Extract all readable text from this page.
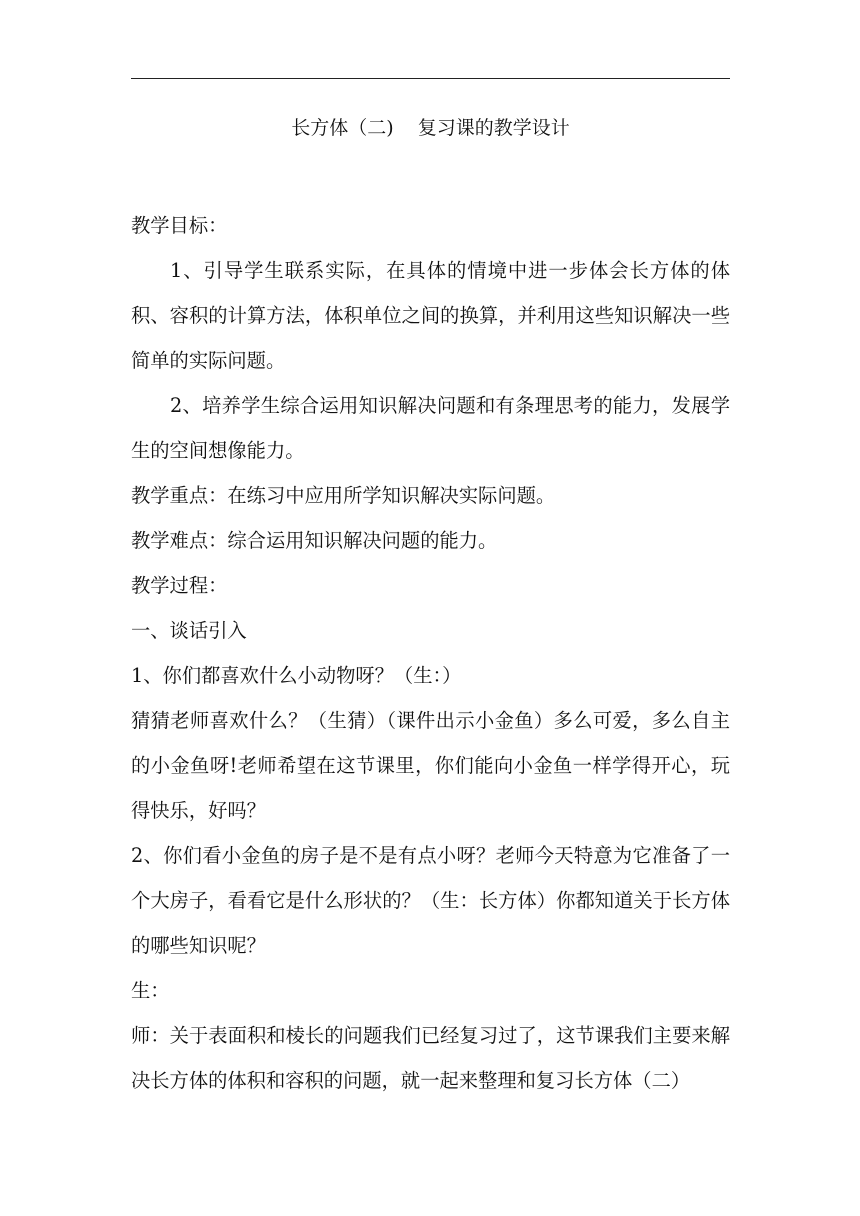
长方体（二)    复习课的教学设计

教学目标：

1、引导学生联系实际，在具体的情境中进一步体会长方体的体积、容积的计算方法，体积单位之间的换算，并利用这些知识解决一些简单的实际问题。

2、培养学生综合运用知识解决问题和有条理思考的能力，发展学生的空间想像能力。

教学重点：在练习中应用所学知识解决实际问题。

教学难点：综合运用知识解决问题的能力。

教学过程：

一、谈话引入

1、你们都喜欢什么小动物呀？（生：）

猜猜老师喜欢什么？（生猜）（课件出示小金鱼）多么可爱，多么自主的小金鱼呀!老师希望在这节课里，你们能向小金鱼一样学得开心，玩得快乐，好吗？

2、你们看小金鱼的房子是不是有点小呀？老师今天特意为它准备了一个大房子，看看它是什么形状的？（生：长方体）你都知道关于长方体的哪些知识呢？

生：

师：关于表面积和棱长的问题我们已经复习过了，这节课我们主要来解决长方体的体积和容积的问题，就一起来整理和复习长方体（二）
